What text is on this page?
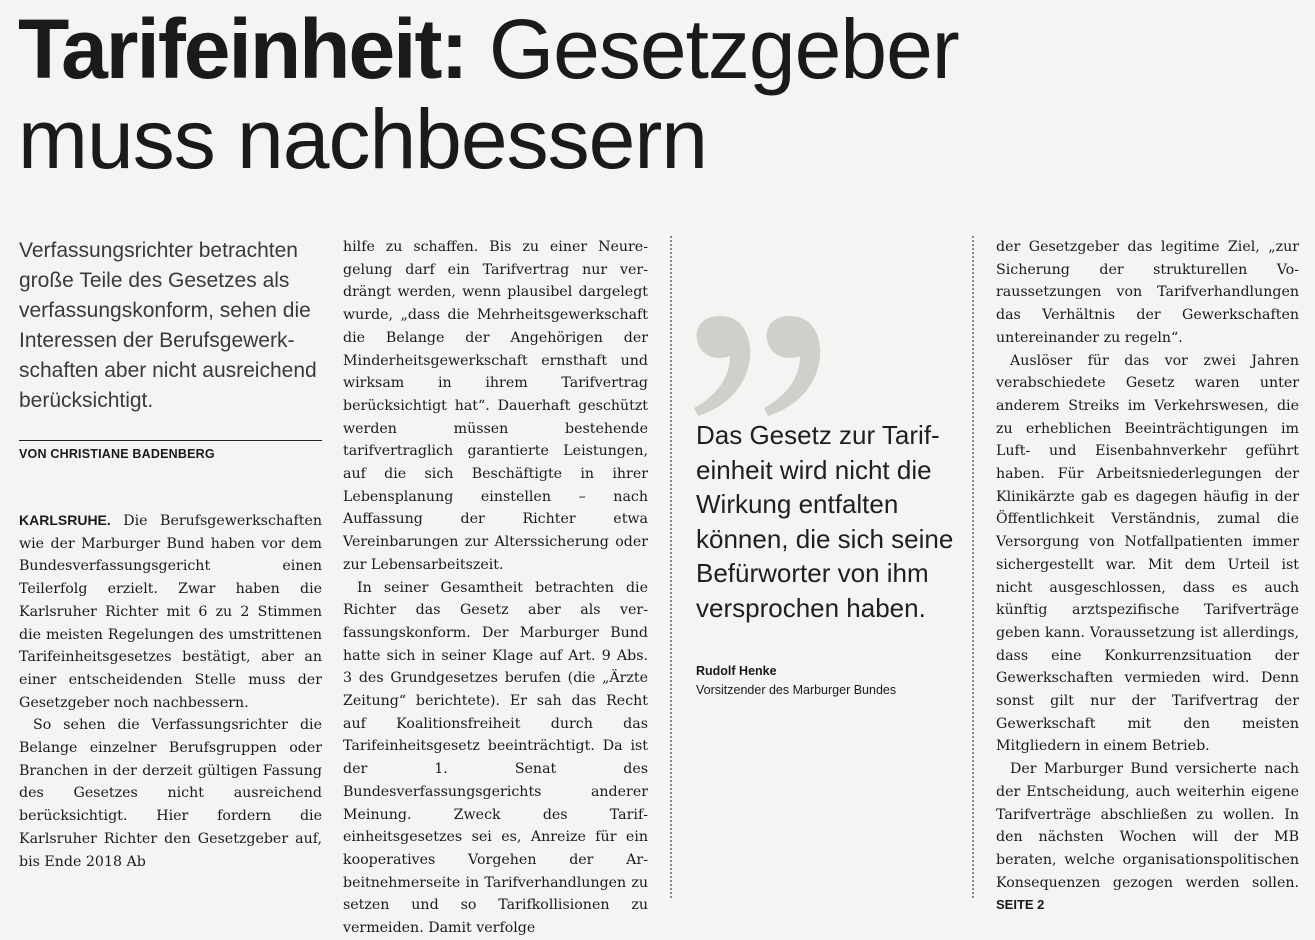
Tarifeinheit: Gesetzgeber
muss nachbessern

Verfassungsrichter betrachten große Teile des Gesetzes als verfassungskonform, sehen die Interessen der Berufsgewerkschaften aber nicht ausreichend berücksichtigt.

VON CHRISTIANE BADENBERG

KARLSRUHE. Die Berufsgewerkschaften wie der Marburger Bund haben vor dem Bundesverfassungsgericht einen Teilerfolg erzielt. Zwar haben die Karlsruher Richter mit 6 zu 2 Stimmen die meisten Regelungen des umstrittenen Tarifeinheitsgesetzes bestätigt, aber an einer entscheidenden Stelle muss der Gesetzgeber noch nachbessern.
So sehen die Verfassungsrichter die Belange einzelner Berufsgruppen oder Branchen in der derzeit gültigen Fassung des Gesetzes nicht ausreichend berücksichtigt. Hier fordern die Karlsruher Richter den Gesetzgeber auf, bis Ende 2018 Ab

hilfe zu schaffen. Bis zu einer Neuregelung darf ein Tarifvertrag nur verdrängt werden, wenn plausibel dargelegt wurde, „dass die Mehrheitsgewerkschaft die Belange der Angehörigen der Minderheitsgewerkschaft ernsthaft und wirksam in ihrem Tarifvertrag berücksichtigt hat“. Dauerhaft geschützt werden müssen bestehende tarifvertraglich garantierte Leistungen, auf die sich Beschäftigte in ihrer Lebensplanung einstellen – nach Auffassung der Richter etwa Vereinbarungen zur Alterssicherung oder zur Lebensarbeitszeit.
In seiner Gesamtheit betrachten die Richter das Gesetz aber als verfassungskonform. Der Marburger Bund hatte sich in seiner Klage auf Art. 9 Abs. 3 des Grundgesetzes berufen (die „Ärzte Zeitung“ berichtete). Er sah das Recht auf Koalitionsfreiheit durch das Tarifeinheitsgesetz beeinträchtigt. Da ist der 1. Senat des Bundesverfassungsgerichts anderer Meinung. Zweck des Tarifeinheitsgesetzes sei es, Anreize für ein kooperatives Vorgehen der Arbeitnehmerseite in Tarifverhandlungen zu setzen und so Tarifkollisionen zu vermeiden. Damit verfolge

Das Gesetz zur Tarifeinheit wird nicht die Wirkung entfalten können, die sich seine Befürworter von ihm versprochen haben.

Rudolf Henke
Vorsitzender des Marburger Bundes

der Gesetzgeber das legitime Ziel, „zur Sicherung der strukturellen Voraussetzungen von Tarifverhandlungen das Verhältnis der Gewerkschaften untereinander zu regeln“.
Auslöser für das vor zwei Jahren verabschiedete Gesetz waren unter anderem Streiks im Verkehrswesen, die zu erheblichen Beeinträchtigungen im Luft- und Eisenbahnverkehr geführt haben. Für Arbeitsniederlegungen der Klinikärzte gab es dagegen häufig in der Öffentlichkeit Verständnis, zumal die Versorgung von Notfallpatienten immer sichergestellt war. Mit dem Urteil ist nicht ausgeschlossen, dass es auch künftig arztspezifische Tarifverträge geben kann. Voraussetzung ist allerdings, dass eine Konkurrenzsituation der Gewerkschaften vermieden wird. Denn sonst gilt nur der Tarifvertrag der Gewerkschaft mit den meisten Mitgliedern in einem Betrieb.
Der Marburger Bund versicherte nach der Entscheidung, auch weiterhin eigene Tarifverträge abschließen zu wollen. In den nächsten Wochen will der MB beraten, welche organisationspolitischen Konsequenzen gezogen werden sollen. SEITE 2
